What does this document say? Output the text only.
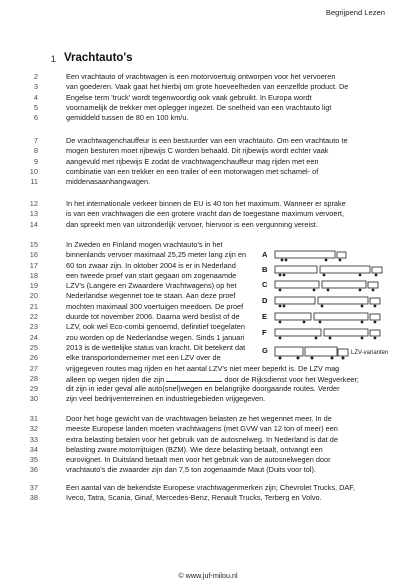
Begrijpend Lezen
1 Vrachtauto's
2	Een vrachtauto of vrachtwagen is een motorvoertuig ontworpen voor het vervoeren
3	van goederen. Vaak gaat het hierbij om grote hoeveelheden van eenzelfde product. De
4	Engelse term 'truck' wordt tegenwoordig ook vaak gebruikt. In Europa wordt
5	voornamelijk de trekker met oplegger ingezet. De snelheid van een vrachtauto ligt
6	gemiddeld tussen de 80 en 100 km/u.
7	De vrachtwagenchauffeur is een bestuurder van een vrachtauto. Om een vrachtauto te
8	mogen besturen moet rijbewijs C worden behaald. Dit rijbewijs wordt echter vaak
9	aangevuld met rijbewijs E zodat de vrachtwagenchauffeur mag rijden met een
10	combinatie van een trekker en een trailer of een motorwagen met schamel- of
11	middenasaanhangwagen.
12	In het internationale verkeer binnen de EU is 40 ton het maximum. Wanneer er sprake
13	is van een vrachtwagen die een grotere vracht dan de toegestane maximum vervoert,
14	dan spreekt men van uitzonderlijk vervoer, hiervoor is een vergunning vereist.
15	In Zweden en Finland mogen vrachtauto's in het
16	binnenlands vervoer maximaal 25,25 meter lang zijn en
17	60 ton zwaar zijn. In oktober 2004 is er in Nederland
18	een tweede proef van start gegaan om zogenaamde
19	LZV's (Langere en Zwaardere Vrachtwagens) op het
20	Nederlandse wegennet toe te staan. Aan deze proef
21	mochten maximaal 300 voertuigen meedoen. De proef
22	duurde tot november 2006. Daarna werd beslist of de
23	LZV, ook wel Eco-combi genoemd, definitief toegelaten
24	zou worden op de Nederlandse wegen. Sinds 1 januari
25	2013 is de wettelijke status van kracht. Dit betekent dat
26	elke transportondernemer met een LZV over de
27	vrijgegeven routes mag rijden en het aantal LZV's niet meer beperkt is. De LZV mag
28	alleen op wegen rijden die zijn	door de Rijksdienst voor het Wegverkeer;
29	dit zijn in ieder geval alle auto(snel)wegen en belangrijke doorgaande routes. Verder
30	zijn veel bedrijventerreinen en industriegebieden vrijgegeven.
31	Door het hoge gewicht van de vrachtwagen belasten ze het wegennet meer. In de
32	meeste Europese landen moeten vrachtwagens (met GVW van 12 ton of meer) een
33	extra belasting betalen voor het gebruik van de autosnelweg. In Nederland is dat de
34	belasting zware motorrijtuigen (BZM). Wie deze belasting betaalt, ontvangt een
35	eurovignet. In Duitsland betaalt men voor het gebruik van de autosnelwegen door
36	vrachtauto's die zwaarder zijn dan 7,5 ton zogenaamde Maut (Duits voor tol).
37	Een aantal van de bekendste Europese vrachtwagenmerken zijn; Chevrolet Trucks, DAF,
38	Iveco, Tatra, Scania, Ginaf, Mercedes-Benz, Renault Trucks, Terberg en Volvo.
A
B
C
D
E
F
G	LZV-varianten
© www.juf-milou.nl
